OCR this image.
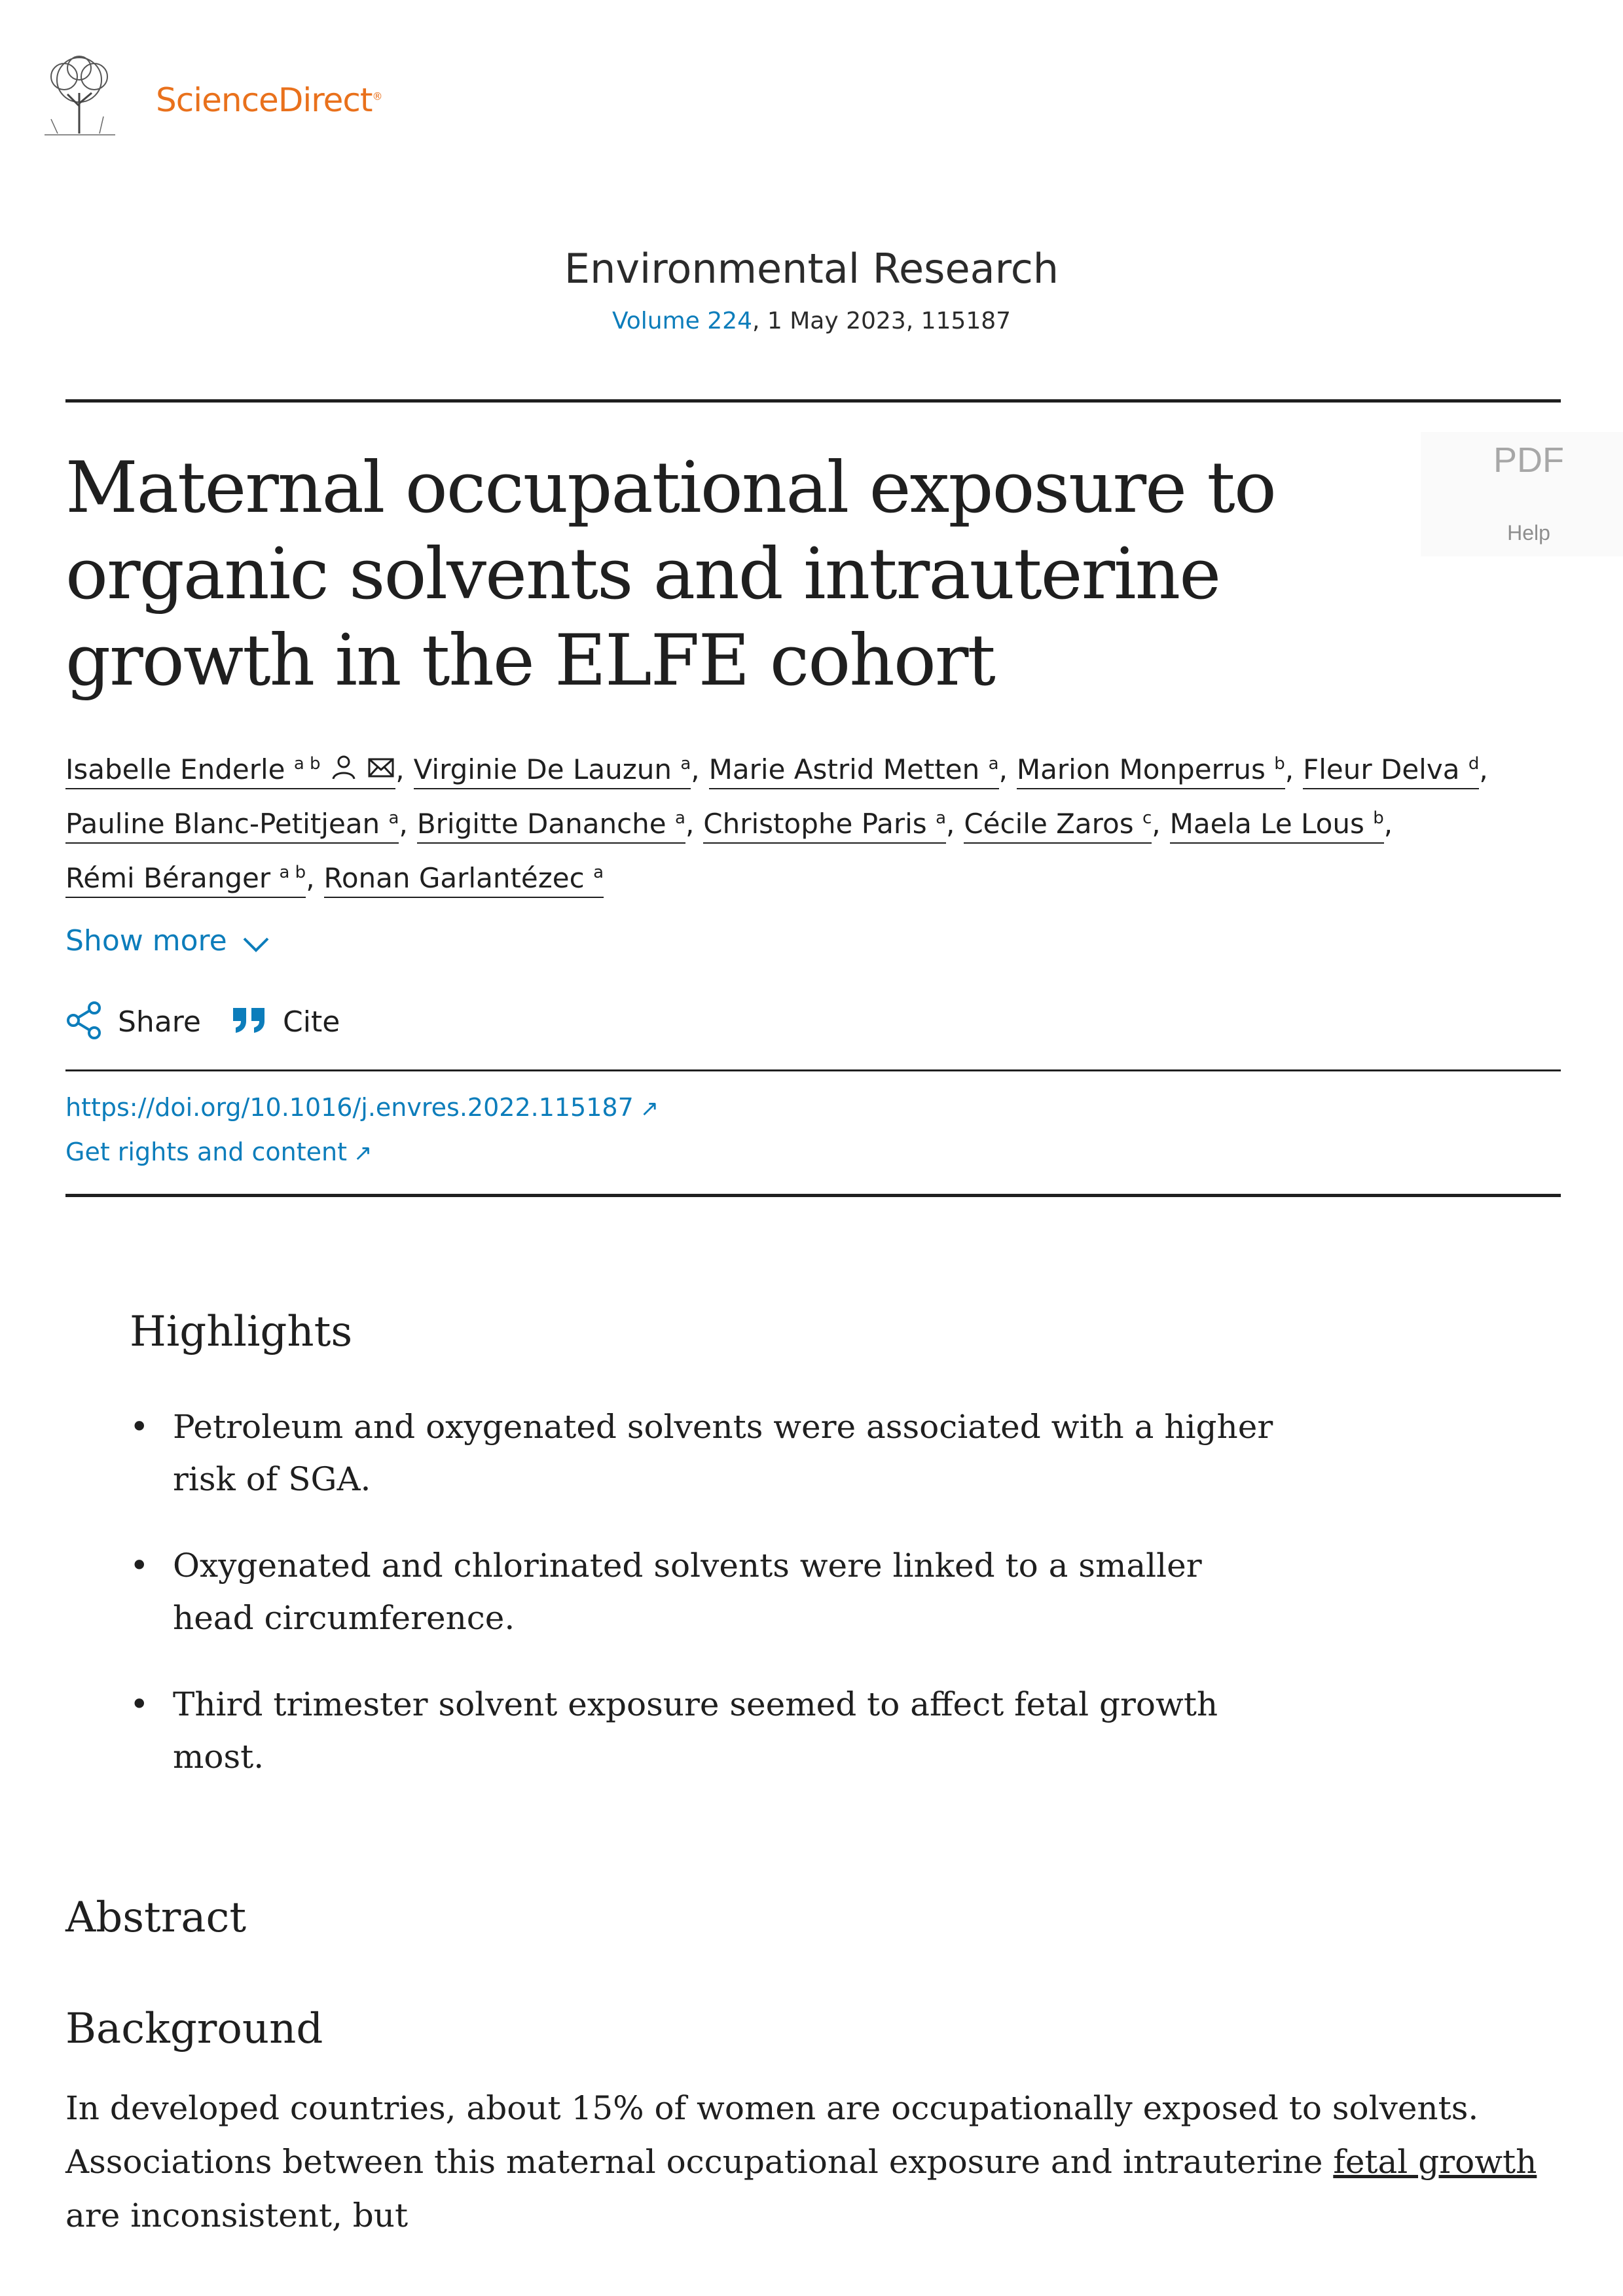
ScienceDirect®
Environmental Research
Volume 224, 1 May 2023, 115187
PDF
Help
Maternal occupational exposure to organic solvents and intrauterine growth in the ELFE cohort
Isabelle Enderle $^{a b}$	, Virginie De Lauzun $^a$, Marie Astrid Metten $^a$, Marion Monperrus $^b$, Fleur Delva $^d$,
Pauline Blanc-Petitjean $^a$, Brigitte Dananche $^a$, Christophe Paris $^a$, Cécile Zaros $^c$, Maela Le Lous $^b$,
Rémi Béranger $^{a b}$, Ronan Garlantézec $^a$
Show more
Share	Cite
https://doi.org/10.1016/j.envres.2022.115187 ↗
Get rights and content ↗
Highlights
• Petroleum and oxygenated solvents were associated with a higher risk of SGA.
• Oxygenated and chlorinated solvents were linked to a smaller head circumference.
• Third trimester solvent exposure seemed to affect fetal growth most.
Abstract
Background

In developed countries, about 15% of women are occupationally exposed to solvents. Associations between this maternal occupational exposure and intrauterine fetal growth are inconsistent, but
